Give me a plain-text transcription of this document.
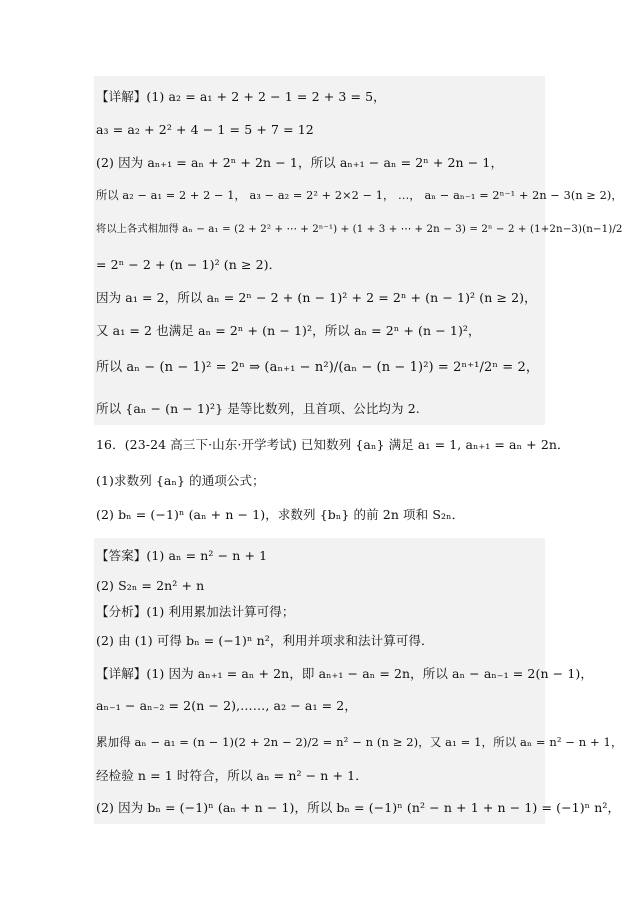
【详解】(1) a₂ = a₁ + 2 + 2 − 1 = 2 + 3 = 5，
a₃ = a₂ + 2² + 4 − 1 = 5 + 7 = 12
(2) 因为 aₙ₊₁ = aₙ + 2ⁿ + 2n − 1，所以 aₙ₊₁ − aₙ = 2ⁿ + 2n − 1，
所以 a₂ − a₁ = 2 + 2 − 1， a₃ − a₂ = 2² + 2×2 − 1， …， aₙ − aₙ₋₁ = 2ⁿ⁻¹ + 2n − 3(n ≥ 2)，
将以上各式相加得 aₙ − a₁ = (2 + 2² + ⋯ + 2ⁿ⁻¹) + (1 + 3 + ⋯ + 2n − 3) = 2ⁿ − 2 + (1+2n−3)(n−1)/2
= 2ⁿ − 2 + (n − 1)² (n ≥ 2)．
因为 a₁ = 2，所以 aₙ = 2ⁿ − 2 + (n − 1)² + 2 = 2ⁿ + (n − 1)² (n ≥ 2)，
又 a₁ = 2 也满足 aₙ = 2ⁿ + (n − 1)²，所以 aₙ = 2ⁿ + (n − 1)²，
所以 aₙ − (n − 1)² = 2ⁿ ⇒ (aₙ₊₁ − n²)/(aₙ − (n − 1)²) = 2ⁿ⁺¹/2ⁿ = 2，
所以 {aₙ − (n − 1)²} 是等比数列，且首项、公比均为 2.
16．(23-24 高三下·山东·开学考试) 已知数列 {aₙ} 满足 a₁ = 1, aₙ₊₁ = aₙ + 2n．
(1)求数列 {aₙ} 的通项公式；
(2) bₙ = (−1)ⁿ (aₙ + n − 1)，求数列 {bₙ} 的前 2n 项和 S₂ₙ．
【答案】(1) aₙ = n² − n + 1
(2) S₂ₙ = 2n² + n
【分析】(1) 利用累加法计算可得；
(2) 由 (1) 可得 bₙ = (−1)ⁿ n²，利用并项求和法计算可得．
【详解】(1) 因为 aₙ₊₁ = aₙ + 2n，即 aₙ₊₁ − aₙ = 2n，所以 aₙ − aₙ₋₁ = 2(n − 1)，
aₙ₋₁ − aₙ₋₂ = 2(n − 2),……, a₂ − a₁ = 2，
累加得 aₙ − a₁ = (n − 1)(2 + 2n − 2)/2 = n² − n (n ≥ 2)，又 a₁ = 1，所以 aₙ = n² − n + 1，
经检验 n = 1 时符合，所以 aₙ = n² − n + 1．
(2) 因为 bₙ = (−1)ⁿ (aₙ + n − 1)，所以 bₙ = (−1)ⁿ (n² − n + 1 + n − 1) = (−1)ⁿ n²，
